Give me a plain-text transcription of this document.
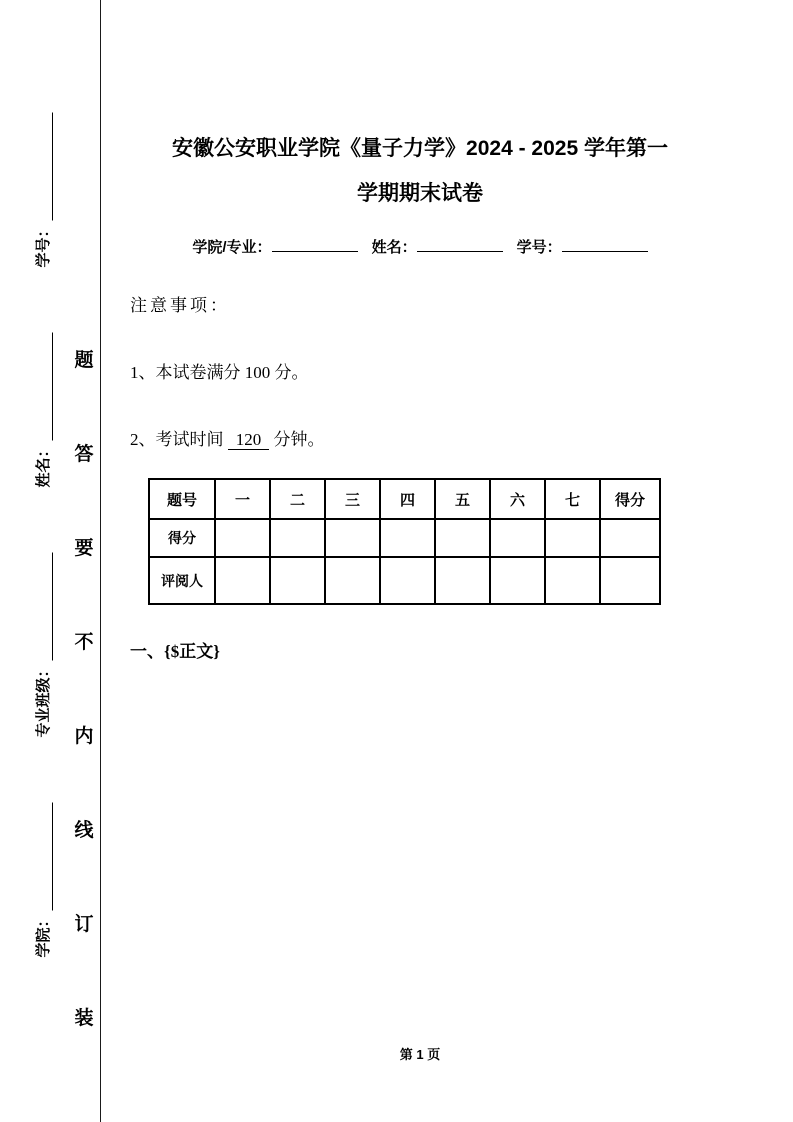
学院：
专业班级：
姓名：
学号：
题
答
要
不
内
线
订
装
安徽公安职业学院《量子力学》2024 - 2025 学年第一
学期期末试卷
学院/专业：	姓名：	学号：
注意事项：
1、本试卷满分 100 分。
2、考试时间 120 分钟。
题号	一	二	三	四	五	六	七	得分
得分								
评阅人								
一、{$正文}
第 1 页
